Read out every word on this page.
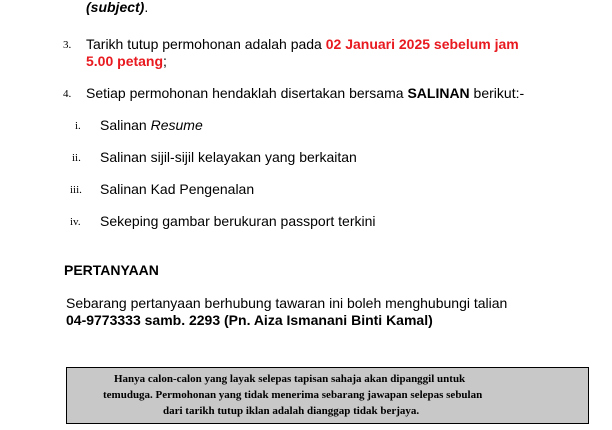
(subject).
3. Tarikh tutup permohonan adalah pada 02 Januari 2025 sebelum jam
5.00 petang;
4. Setiap permohonan hendaklah disertakan bersama SALINAN berikut:-
i. Salinan Resume
ii. Salinan sijil-sijil kelayakan yang berkaitan
iii. Salinan Kad Pengenalan
iv. Sekeping gambar berukuran passport terkini
PERTANYAAN
Sebarang pertanyaan berhubung tawaran ini boleh menghubungi talian
04-9773333 samb. 2293 (Pn. Aiza Ismanani Binti Kamal)
Hanya calon-calon yang layak selepas tapisan sahaja akan dipanggil untuk
temuduga. Permohonan yang tidak menerima sebarang jawapan selepas sebulan
dari tarikh tutup iklan adalah dianggap tidak berjaya.
